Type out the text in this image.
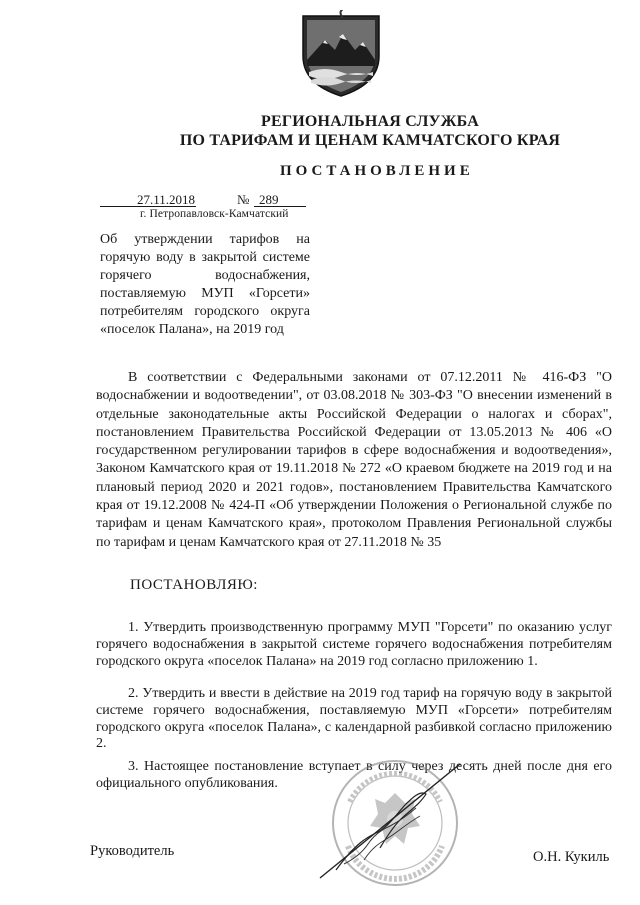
РЕГИОНАЛЬНАЯ СЛУЖБА
ПО ТАРИФАМ И ЦЕНАМ КАМЧАТСКОГО КРАЯ
ПОСТАНОВЛЕНИЕ
27.11.2018	№ 289
г. Петропавловск-Камчатский
Об утверждении тарифов на горячую воду в закрытой системе горячего водоснабжения, поставляемую МУП «Горсети» потребителям городского округа «поселок Палана», на 2019 год
В соответствии с Федеральными законами от 07.12.2011 № 416-ФЗ "О водоснабжении и водоотведении", от 03.08.2018 № 303-ФЗ "О внесении изменений в отдельные законодательные акты Российской Федерации о налогах и сборах", постановлением Правительства Российской Федерации от 13.05.2013 № 406 «О государственном регулировании тарифов в сфере водоснабжения и водоотведения», Законом Камчатского края от 19.11.2018 № 272 «О краевом бюджете на 2019 год и на плановый период 2020 и 2021 годов», постановлением Правительства Камчатского края от 19.12.2008 № 424-П «Об утверждении Положения о Региональной службе по тарифам и ценам Камчатского края», протоколом Правления Региональной службы по тарифам и ценам Камчатского края от 27.11.2018 № 35
ПОСТАНОВЛЯЮ:
1. Утвердить производственную программу МУП "Горсети" по оказанию услуг горячего водоснабжения в закрытой системе горячего водоснабжения потребителям городского округа «поселок Палана» на 2019 год согласно приложению 1.
2. Утвердить и ввести в действие на 2019 год тариф на горячую воду в закрытой системе горячего водоснабжения, поставляемую МУП «Горсети» потребителям городского округа «поселок Палана», с календарной разбивкой согласно приложению 2.
3. Настоящее постановление вступает в силу через десять дней после дня его официального опубликования.
Руководитель	О.Н. Кукиль
